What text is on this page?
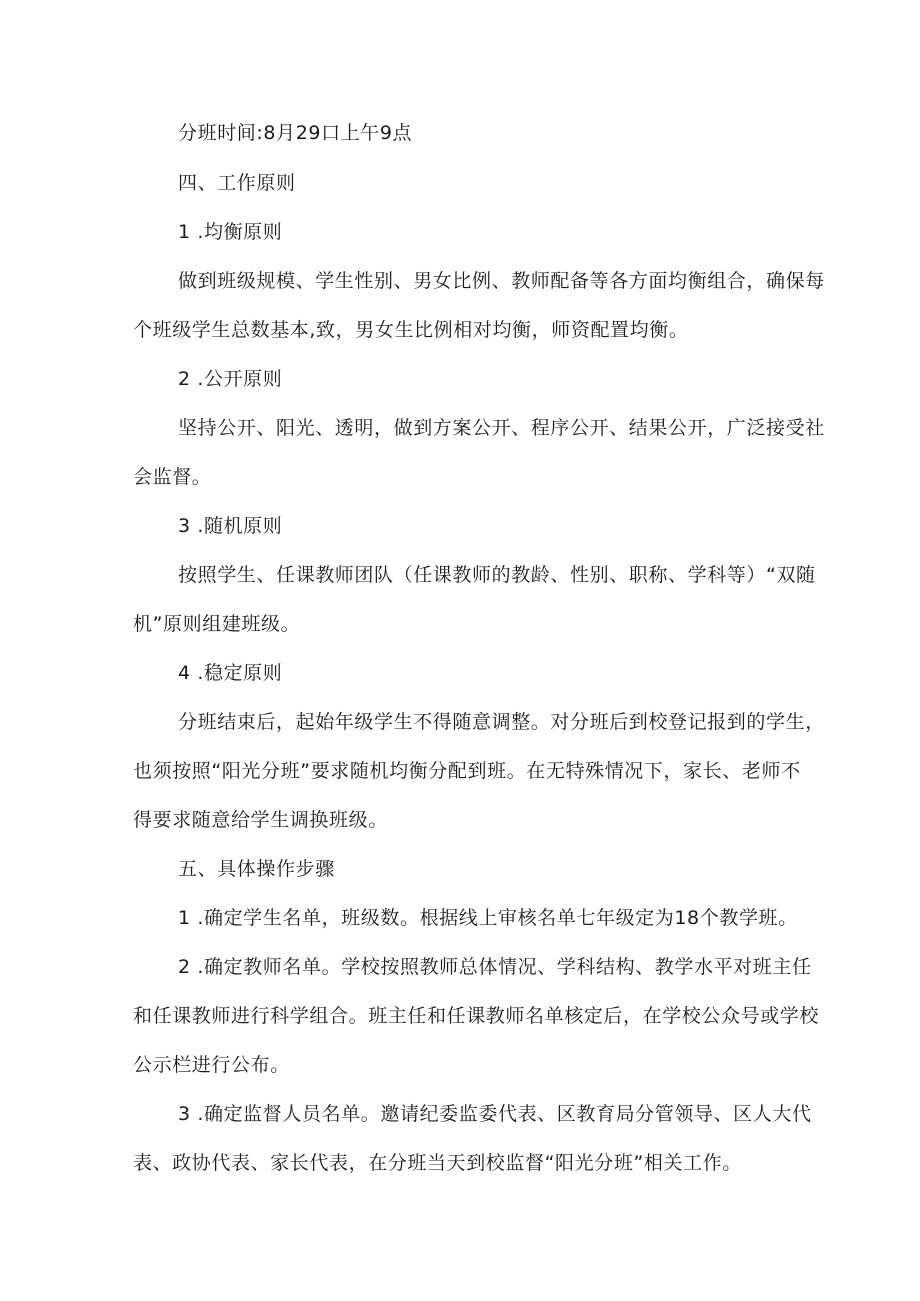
分班时间:8月29口上午9点
四、工作原则
1 .均衡原则
做到班级规模、学生性别、男女比例、教师配备等各方面均衡组合，确保每
个班级学生总数基本,致，男女生比例相对均衡，师资配置均衡。
2 .公开原则
坚持公开、阳光、透明，做到方案公开、程序公开、结果公开，广泛接受社
会监督。
3 .随机原则
按照学生、任课教师团队（任课教师的教龄、性别、职称、学科等）“双随
机”原则组建班级。
4 .稳定原则
分班结束后，起始年级学生不得随意调整。对分班后到校登记报到的学生，
也须按照“阳光分班”要求随机均衡分配到班。在无特殊情况下，家长、老师不
得要求随意给学生调换班级。
五、具体操作步骤
1 .确定学生名单，班级数。根据线上审核名单七年级定为18个教学班。
2 .确定教师名单。学校按照教师总体情况、学科结构、教学水平对班主任
和任课教师进行科学组合。班主任和任课教师名单核定后，在学校公众号或学校
公示栏进行公布。
3 .确定监督人员名单。邀请纪委监委代表、区教育局分管领导、区人大代
表、政协代表、家长代表，在分班当天到校监督“阳光分班”相关工作。
